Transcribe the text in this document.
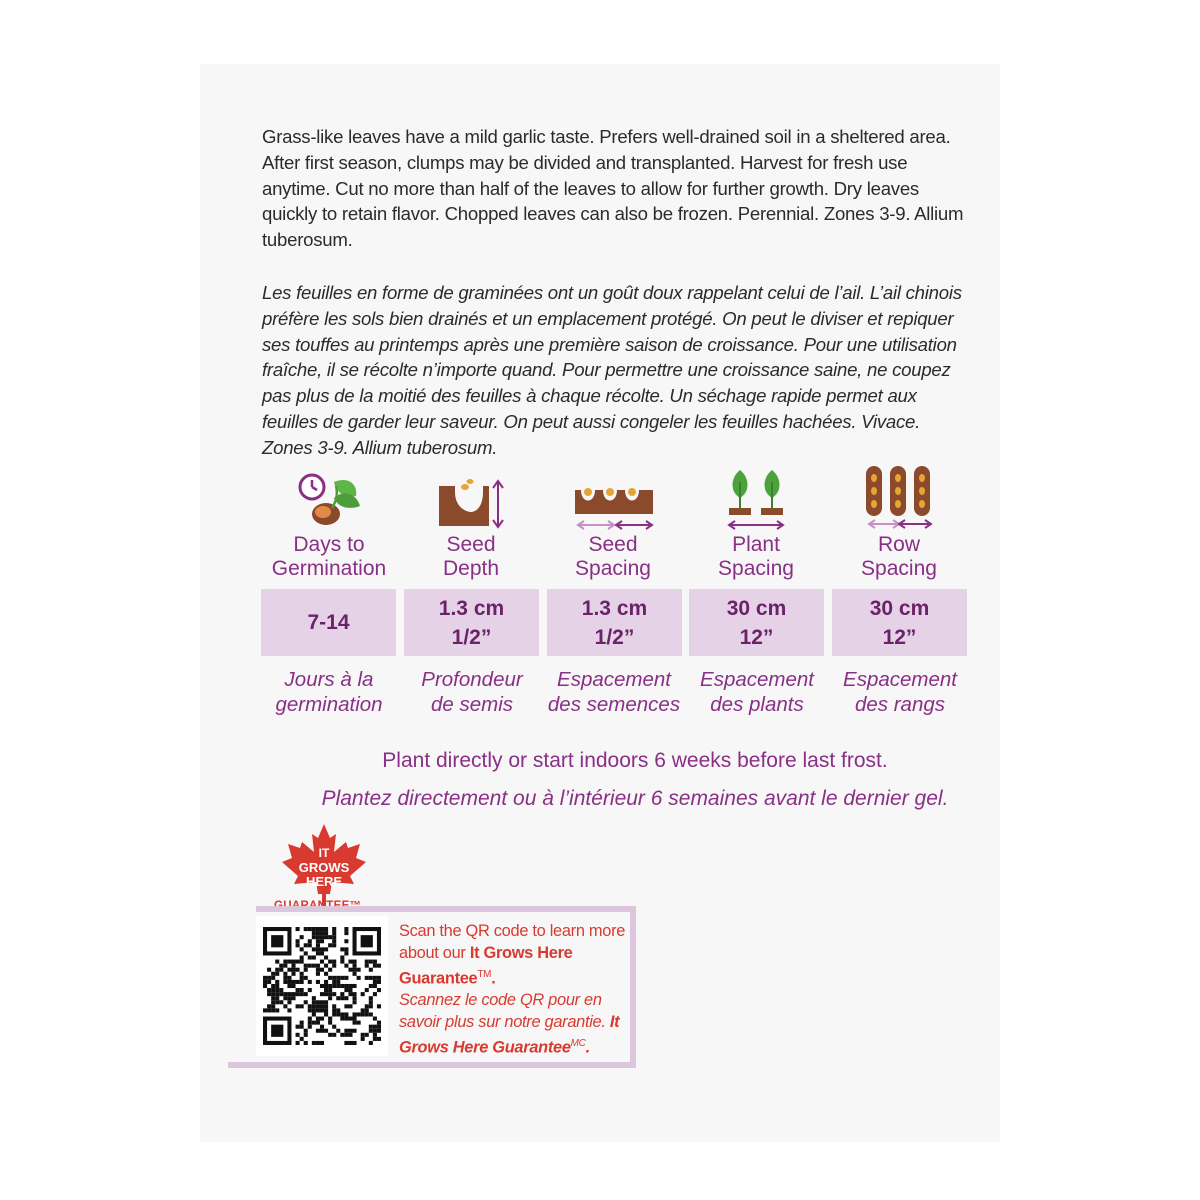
Grass-like leaves have a mild garlic taste. Prefers well-drained soil in a sheltered area. After first season, clumps may be divided and transplanted. Harvest for fresh use anytime. Cut no more than half of the leaves to allow for further growth. Dry leaves quickly to retain flavor. Chopped leaves can also be frozen. Perennial. Zones 3-9. Allium tuberosum.
Les feuilles en forme de graminées ont un goût doux rappelant celui de l’ail. L’ail chinois préfère les sols bien drainés et un emplacement protégé. On peut le diviser et repiquer ses touffes au printemps après une première saison de croissance. Pour une utilisation fraîche, il se récolte n’importe quand. Pour permettre une croissance saine, ne coupez pas plus de la moitié des feuilles à chaque récolte. Un séchage rapide permet aux feuilles de garder leur saveur. On peut aussi congeler les feuilles hachées. Vivace. Zones 3-9. Allium tuberosum.
Days to
Germination
7-14
Jours à la
germination
Seed
Depth
1.3 cm
1/2”
Profondeur
de semis
Seed
Spacing
1.3 cm
1/2”
Espacement
des semences
Plant
Spacing
30 cm
12”
Espacement
des plants
Row
Spacing
30 cm
12”
Espacement
des rangs
Plant directly or start indoors 6 weeks before last frost.
Plantez directement ou à l’intérieur 6 semaines avant le dernier gel.
IT
GROWS
HERE
Scan the QR code to learn more about our It Grows Here Guarantee™.
Scannez le code QR pour en savoir plus sur notre garantie. It Grows Here Guarantee$^{MC}$.
